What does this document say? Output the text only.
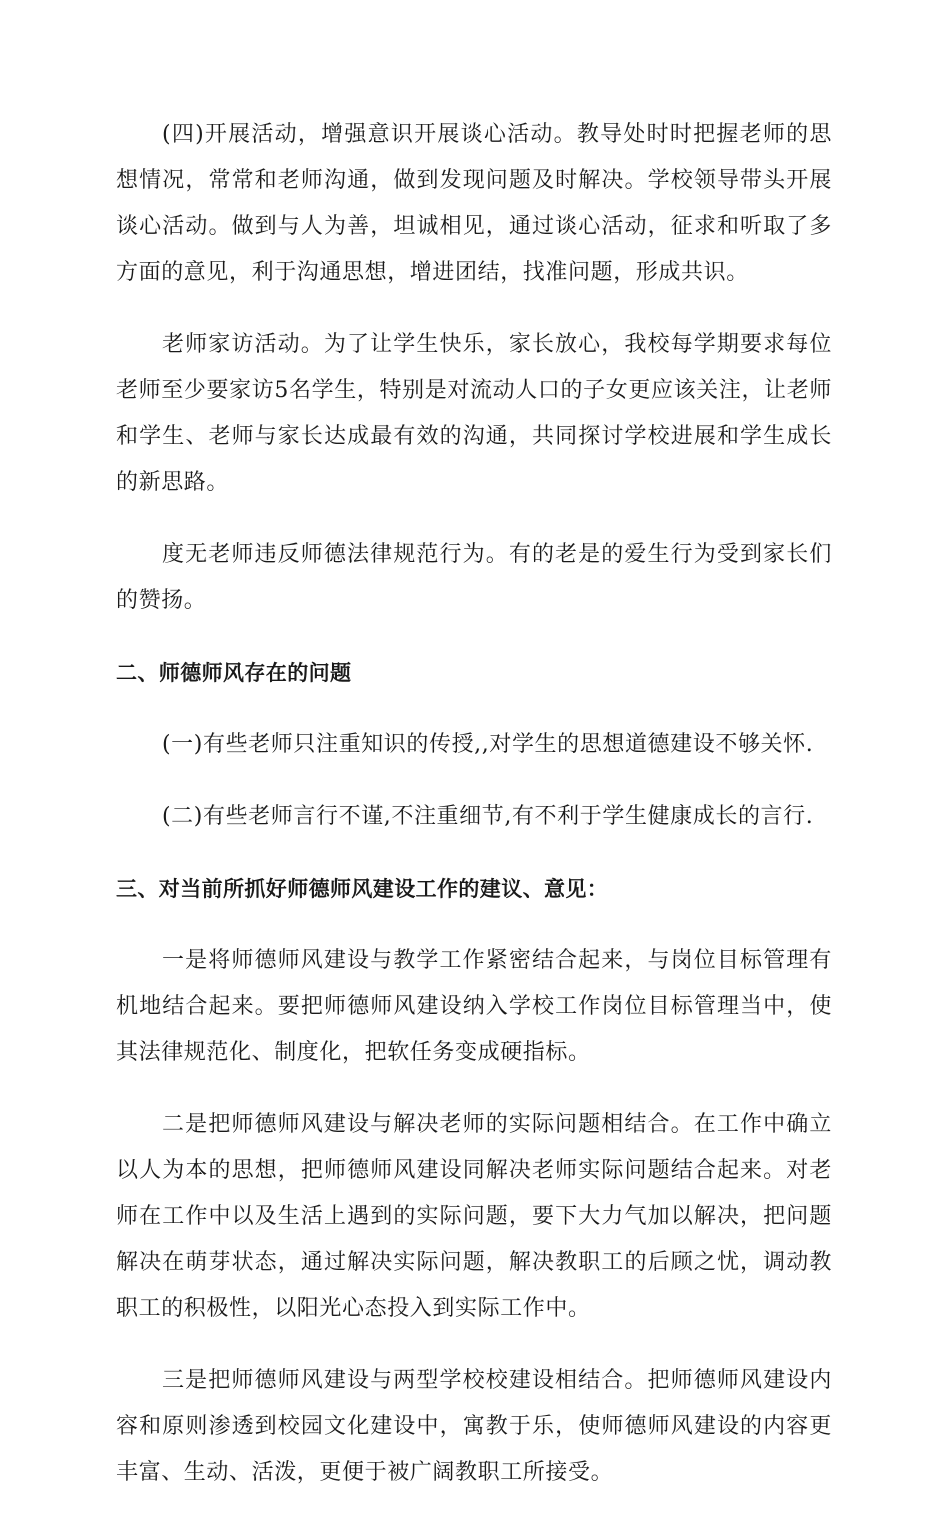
(四)开展活动，增强意识开展谈心活动。教导处时时把握老师的思想情况，常常和老师沟通，做到发现问题及时解决。学校领导带头开展谈心活动。做到与人为善，坦诚相见，通过谈心活动，征求和听取了多方面的意见，利于沟通思想，增进团结，找准问题，形成共识。

老师家访活动。为了让学生快乐，家长放心，我校每学期要求每位老师至少要家访5名学生，特别是对流动人口的子女更应该关注，让老师和学生、老师与家长达成最有效的沟通，共同探讨学校进展和学生成长的新思路。

度无老师违反师德法律规范行为。有的老是的爱生行为受到家长们的赞扬。

二、师德师风存在的问题

(一)有些老师只注重知识的传授,,对学生的思想道德建设不够关怀.

(二)有些老师言行不谨,不注重细节,有不利于学生健康成长的言行.

三、对当前所抓好师德师风建设工作的建议、意见：

一是将师德师风建设与教学工作紧密结合起来，与岗位目标管理有机地结合起来。要把师德师风建设纳入学校工作岗位目标管理当中，使其法律规范化、制度化，把软任务变成硬指标。

二是把师德师风建设与解决老师的实际问题相结合。在工作中确立以人为本的思想，把师德师风建设同解决老师实际问题结合起来。对老师在工作中以及生活上遇到的实际问题，要下大力气加以解决，把问题解决在萌芽状态，通过解决实际问题，解决教职工的后顾之忧，调动教职工的积极性，以阳光心态投入到实际工作中。

三是把师德师风建设与两型学校校建设相结合。把师德师风建设内容和原则渗透到校园文化建设中，寓教于乐，使师德师风建设的内容更丰富、生动、活泼，更便于被广阔教职工所接受。
